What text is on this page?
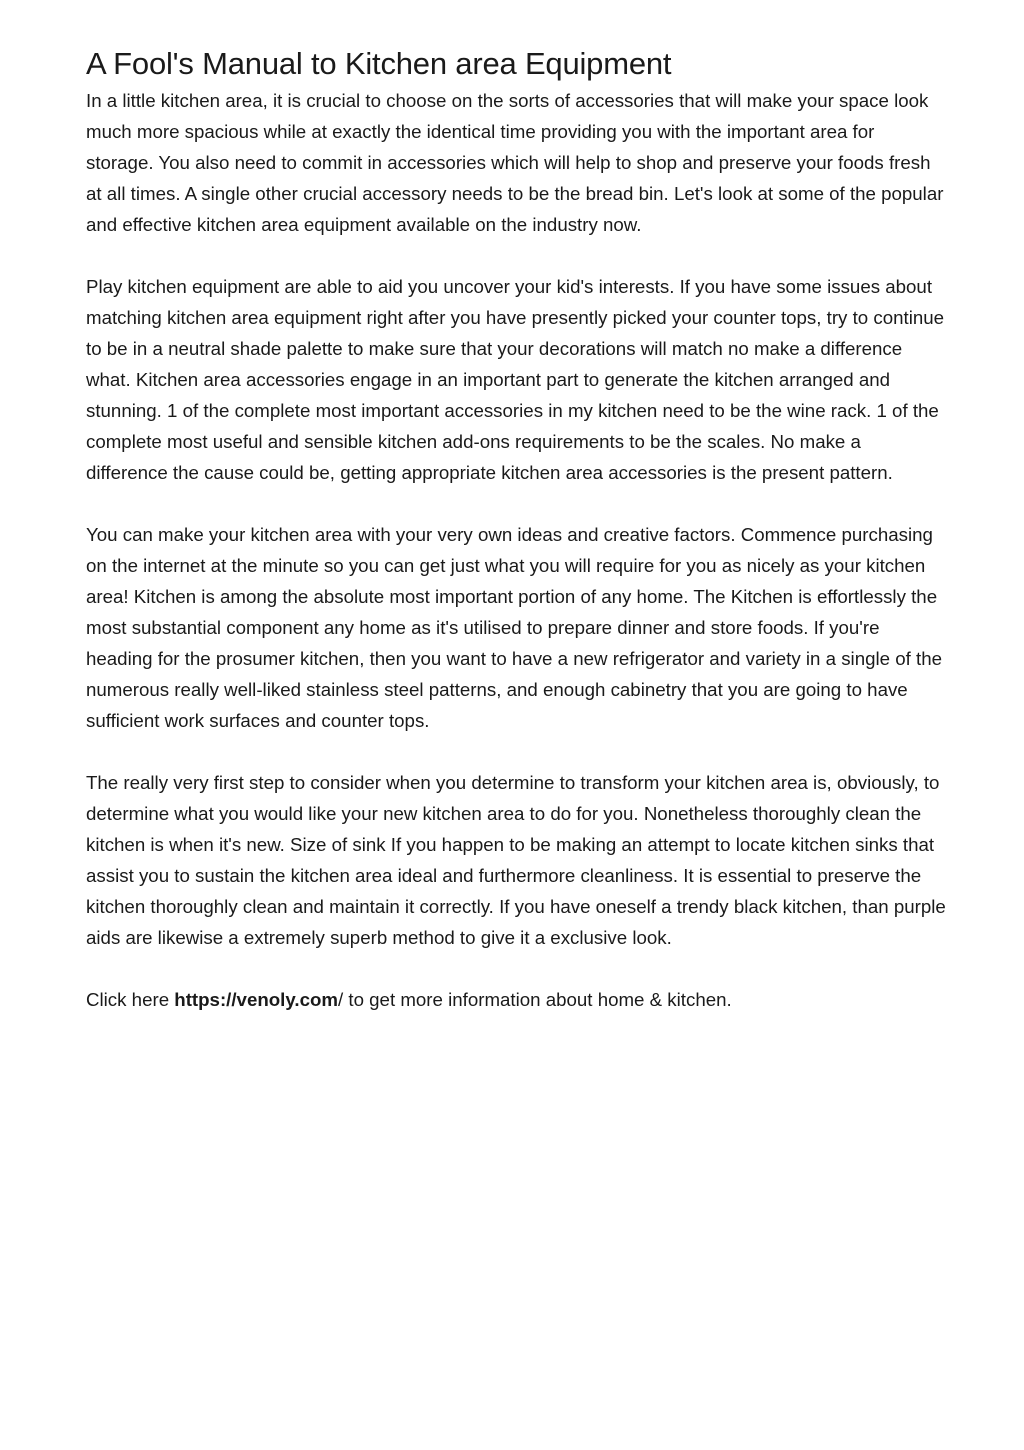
A Fool's Manual to Kitchen area Equipment

In a little kitchen area, it is crucial to choose on the sorts of accessories that will make your space look much more spacious while at exactly the identical time providing you with the important area for storage. You also need to commit in accessories which will help to shop and preserve your foods fresh at all times. A single other crucial accessory needs to be the bread bin. Let's look at some of the popular and effective kitchen area equipment available on the industry now.

Play kitchen equipment are able to aid you uncover your kid's interests. If you have some issues about matching kitchen area equipment right after you have presently picked your counter tops, try to continue to be in a neutral shade palette to make sure that your decorations will match no make a difference what. Kitchen area accessories engage in an important part to generate the kitchen arranged and stunning. 1 of the complete most important accessories in my kitchen need to be the wine rack. 1 of the complete most useful and sensible kitchen add-ons requirements to be the scales. No make a difference the cause could be, getting appropriate kitchen area accessories is the present pattern.

You can make your kitchen area with your very own ideas and creative factors. Commence purchasing on the internet at the minute so you can get just what you will require for you as nicely as your kitchen area! Kitchen is among the absolute most important portion of any home. The Kitchen is effortlessly the most substantial component any home as it's utilised to prepare dinner and store foods. If you're heading for the prosumer kitchen, then you want to have a new refrigerator and variety in a single of the numerous really well-liked stainless steel patterns, and enough cabinetry that you are going to have sufficient work surfaces and counter tops.

The really very first step to consider when you determine to transform your kitchen area is, obviously, to determine what you would like your new kitchen area to do for you. Nonetheless thoroughly clean the kitchen is when it's new. Size of sink If you happen to be making an attempt to locate kitchen sinks that assist you to sustain the kitchen area ideal and furthermore cleanliness. It is essential to preserve the kitchen thoroughly clean and maintain it correctly. If you have oneself a trendy black kitchen, than purple aids are likewise a extremely superb method to give it a exclusive look.

Click here https://venoly.com/ to get more information about home & kitchen.
